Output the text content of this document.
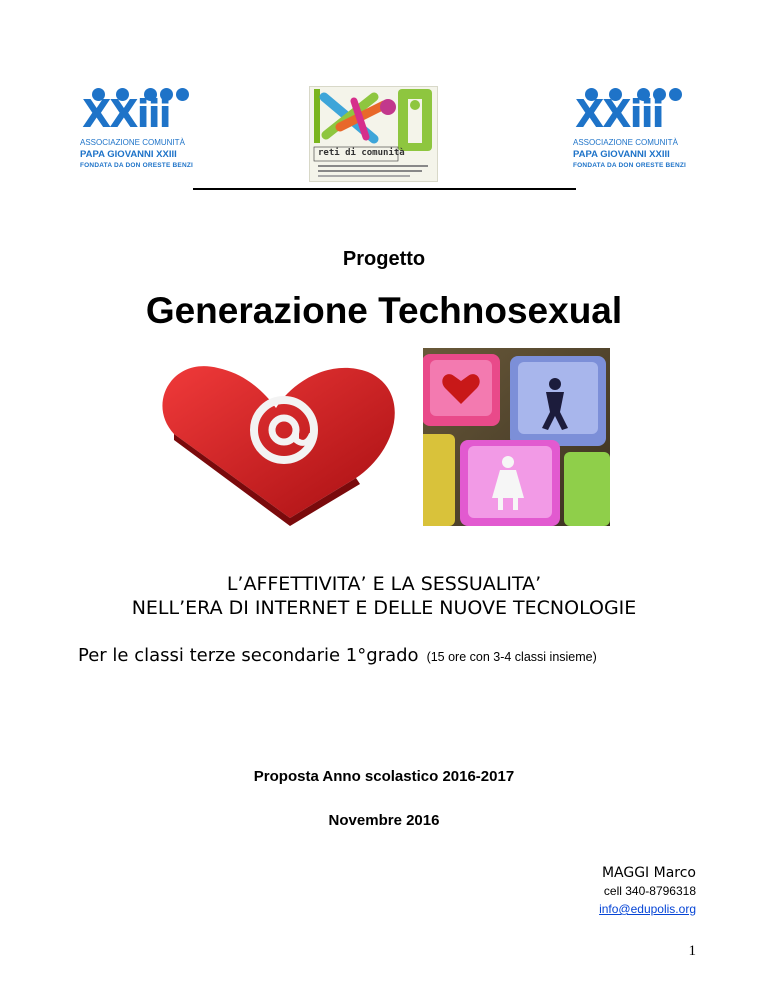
XXiii
ASSOCIAZIONE COMUNITÀ
PAPA GIOVANNI XXIII
FONDATA DA DON ORESTE BENZI
reti di comunità
XXiii
ASSOCIAZIONE COMUNITÀ
PAPA GIOVANNI XXIII
FONDATA DA DON ORESTE BENZI
Progetto
Generazione Technosexual
L’AFFETTIVITA’ E LA SESSUALITA’
NELL’ERA DI INTERNET E DELLE NUOVE TECNOLOGIE
Per le classi terze secondarie 1°grado (15 ore con 3-4 classi insieme)
Proposta Anno scolastico 2016-2017
Novembre 2016
MAGGI Marco
cell 340-8796318
info@edupolis.org
1
